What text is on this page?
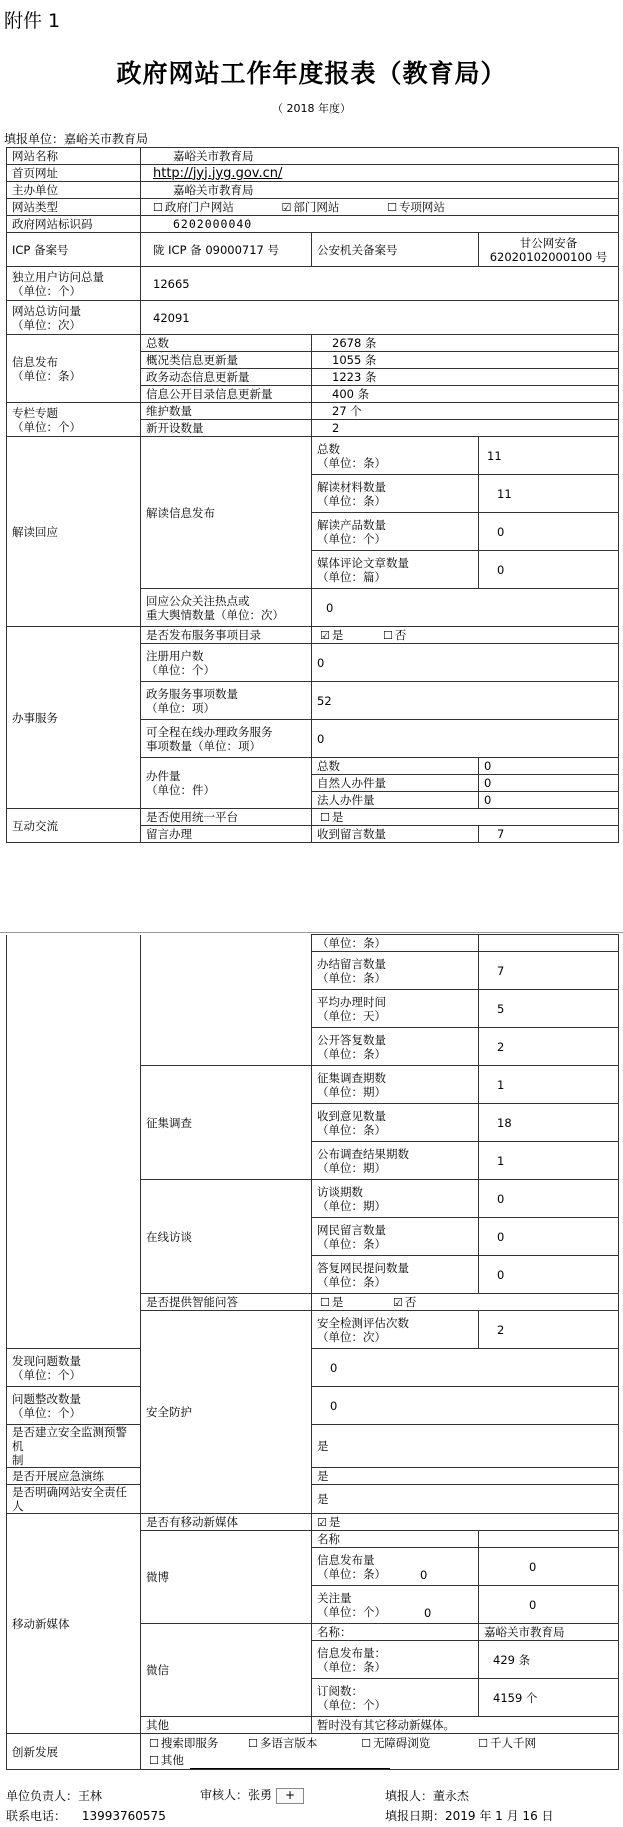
附件 1
政府网站工作年度报表（教育局）
（ 2018 年度）
填报单位：嘉峪关市教育局
网站名称	嘉峪关市教育局		
首页网址	http://jyj.jyg.gov.cn/		
主办单位	嘉峪关市教育局		
网站类型	☐ 政府门户网站 ☑ 部门网站 ☐ 专项网站		
政府网站标识码	6202000040		
ICP 备案号	陇 ICP 备 09000717 号	公安机关备案号	甘公网安备
62020102000100 号
独立用户访问总量
（单位：个）	12665		
网站总访问量
（单位：次）	42091		
信息发布
（单位：条）	总数	2678 条	
	概况类信息更新量	1055 条	
	政务动态信息更新量	1223 条	
	信息公开目录信息更新量	400 条	
专栏专题
（单位：个）	维护数量	27 个	
	新开设数量	2	
解读回应	解读信息发布	总数
（单位：条）	11
		解读材料数量
（单位：条）	11
		解读产品数量
（单位：个）	0
		媒体评论文章数量
（单位：篇）	0
	回应公众关注热点或
重大舆情数量（单位：次）	0	
办事服务	是否发布服务事项目录	☑ 是 ☐ 否	
	注册用户数
（单位：个）	0	
	政务服务事项数量
（单位：项）	52	
	可全程在线办理政务服务
事项数量（单位：项）	0	
	办件量
（单位：件）	总数	0
		自然人办件量	0
		法人办件量	0
互动交流	是否使用统一平台	☐ 是	
	留言办理	收到留言数量	7
		（单位：条）	
		办结留言数量
（单位：条）	7
		平均办理时间
（单位：天）	5
		公开答复数量
（单位：条）	2
	征集调查	征集调查期数
（单位：期）	1
		收到意见数量
（单位：条）	18
		公布调查结果期数
（单位：期）	1
	在线访谈	访谈期数
（单位：期）	0
		网民留言数量
（单位：条）	0
		答复网民提问数量
（单位：条）	0
	是否提供智能问答	☐ 是 ☑ 否	
	安全防护	安全检测评估次数
（单位：次）	2
发现问题数量
（单位：个）		0	
问题整改数量
（单位：个）		0	
是否建立安全监测预警机
制		是	
是否开展应急演练		是	
是否明确网站安全责任人		是	
移动新媒体	是否有移动新媒体	☑ 是	
	微博	名称	

		信息发布量
（单位：条） 0	0

		关注量
（单位：个） 0	0
	微信	名称：	嘉峪关市教育局
		信息发布量：
（单位：条）	429 条
		订阅数：
（单位：个）	4159 个
	其他	暂时没有其它移动新媒体。	
创新发展	☐ 搜索即服务 ☐ 多语言版本 ☐ 无障碍浏览 ☐ 千人千网
☐ 其他		
单位负责人：王林	审核人：张勇 +	填报人：董永杰
联系电话： 13993760575	填报日期：2019 年 1 月 16 日
